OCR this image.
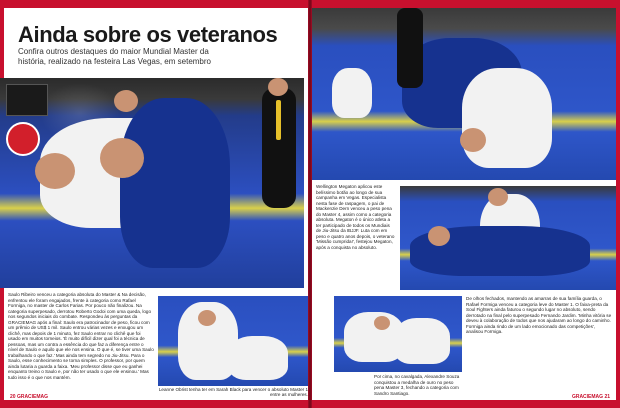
INTRO
Ainda sobre os veteranos
Confira outros destaques do maior Mundial Master da história, realizado na festeira Las Vegas, em setembro
Saulo Ribeiro venceu a categoria absoluta do Master & Na decisão, enfrentou ele foram engajados, frente à categoria como Rafael Formiga, no master de Carlos Farias. Por pouco não finalizou. Na categoria superpesado, derrotou Roberto Godoi com uma queda, logo nos segundos iniciais do combate. Respondeu às perguntas da GRACIEMAG após a final: Saulo era patrocinador de peso, ficou com um prêmio de US$ 1 mil. Saulo entrou várias vezes e enxugou um clichê, mas depois de 1 minuto, fez Saulo entrar no clichê que foi usado em muitos torneios. 'É muito difícil dizer qual foi a técnica de pessoas, mas um contra a essência do que faz a diferença entre o nível de Saulo e aquilo que ele nos ensina. O que é, se tiver uma Saulo trabalhando o que faz.' Mas ainda tem segredo no Jiu-Jitsu. Para o Saulo, esse conhecimento se torna simples. O professor, por quem ainda lutaria a guarda a faixa. 'Meu professor disse que eu ganhei enquanto treino o Saulo e, por não ter usado o que ele ensinou.' Mas tudo isso é o que nos mantém.
Leanne Obrist tenha ter em Sarah Black para vencer o absoluto Master 1 entre as mulheres.
Wellington Megaton aplicou este belíssimo botão ao longo de sua campanha em Vegas. Especialista nesta fase de raspagem, o pai de Mackenzie Dern venceu a peso pena do Master 4, assim como a categoria absoluta. Megaton é o único atleta a ter participado de todos os Mundiais de Jiu-Jitsu da IBJJF. Luta com em peso e quatro anos depois, o veterano 'Missão cumprida!', festejou Megaton, após a conquista no absoluto.
De olhos fechados, mantendo as amarras de sua família guarda, o Rafael Formiga venceu a categoria leve do Master 1. O faixa-preta da Soul Fighters ainda faturou o segundo lugar no absoluto, sendo derrotado na final pelo superpesado Fernando Jardim. 'Minha vitória se deveu à colaboração de todos que nos ajudaram ao longo do caminho. Formiga ainda rindo de um lado emocionado das competições', analisou Formiga.
Por cima, no cavalgada, Alexandre Souza conquistou a medalha de ouro no peso pena Master 3, fechando a categoria com Sandro Santiago.
20 GRACIEMAG	GRACIEMAG 21
